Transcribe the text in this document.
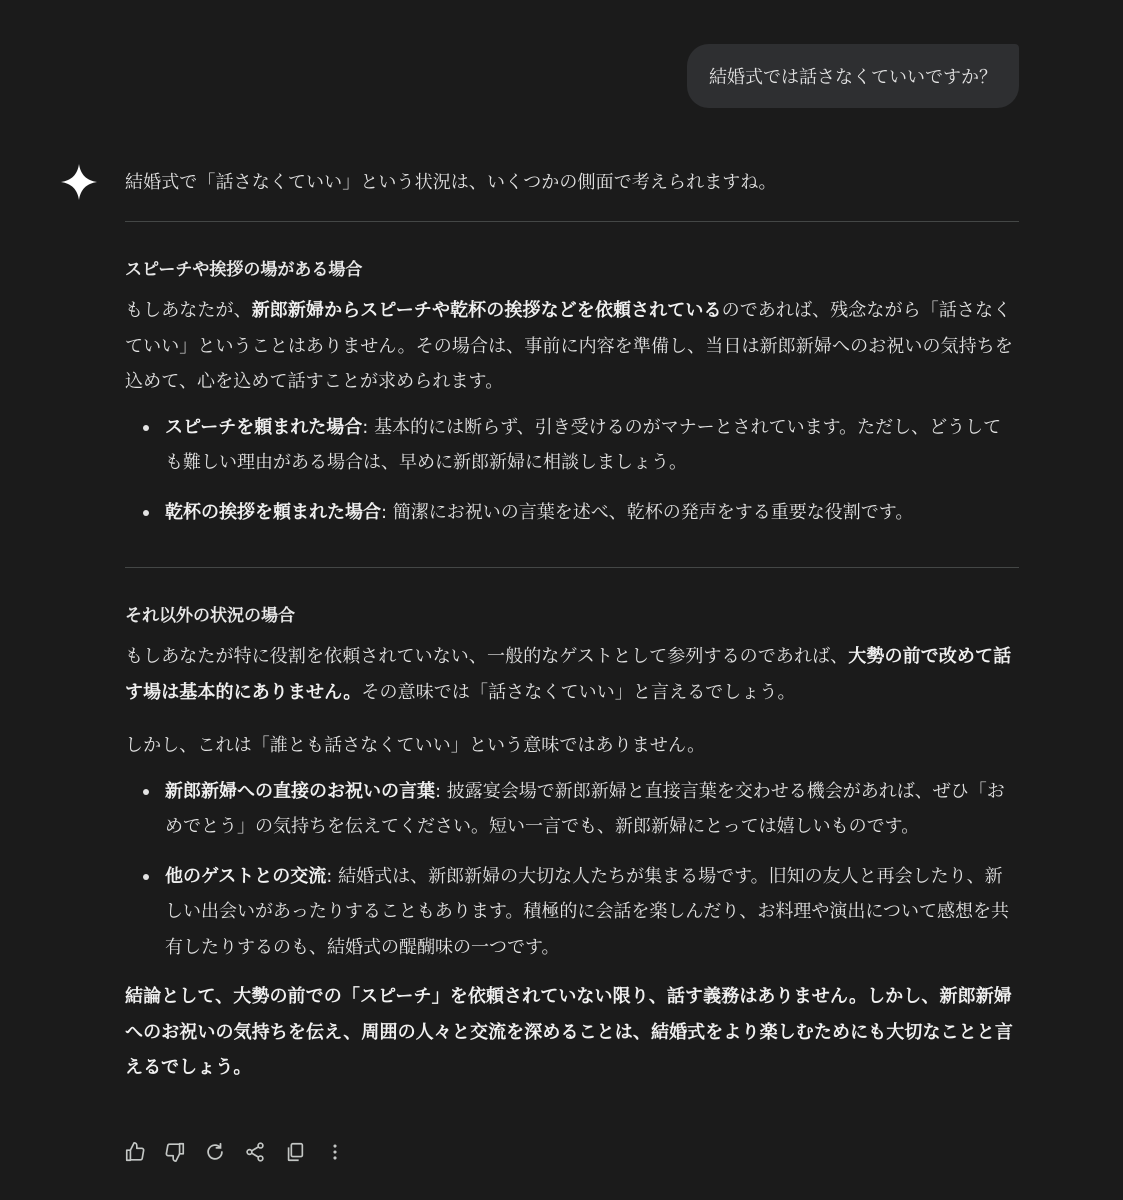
結婚式では話さなくていいですか？

結婚式で「話さなくていい」という状況は、いくつかの側面で考えられますね。

スピーチや挨拶の場がある場合

もしあなたが、新郎新婦からスピーチや乾杯の挨拶などを依頼されているのであれば、残念ながら「話さなくていい」ということはありません。その場合は、事前に内容を準備し、当日は新郎新婦へのお祝いの気持ちを込めて、心を込めて話すことが求められます。

スピーチを頼まれた場合: 基本的には断らず、引き受けるのがマナーとされています。ただし、どうしても難しい理由がある場合は、早めに新郎新婦に相談しましょう。
乾杯の挨拶を頼まれた場合: 簡潔にお祝いの言葉を述べ、乾杯の発声をする重要な役割です。
それ以外の状況の場合

もしあなたが特に役割を依頼されていない、一般的なゲストとして参列するのであれば、大勢の前で改めて話す場は基本的にありません。その意味では「話さなくていい」と言えるでしょう。

しかし、これは「誰とも話さなくていい」という意味ではありません。

新郎新婦への直接のお祝いの言葉: 披露宴会場で新郎新婦と直接言葉を交わせる機会があれば、ぜひ「おめでとう」の気持ちを伝えてください。短い一言でも、新郎新婦にとっては嬉しいものです。
他のゲストとの交流: 結婚式は、新郎新婦の大切な人たちが集まる場です。旧知の友人と再会したり、新しい出会いがあったりすることもあります。積極的に会話を楽しんだり、お料理や演出について感想を共有したりするのも、結婚式の醍醐味の一つです。

結論として、大勢の前での「スピーチ」を依頼されていない限り、話す義務はありません。しかし、新郎新婦へのお祝いの気持ちを伝え、周囲の人々と交流を深めることは、結婚式をより楽しむためにも大切なことと言えるでしょう。
